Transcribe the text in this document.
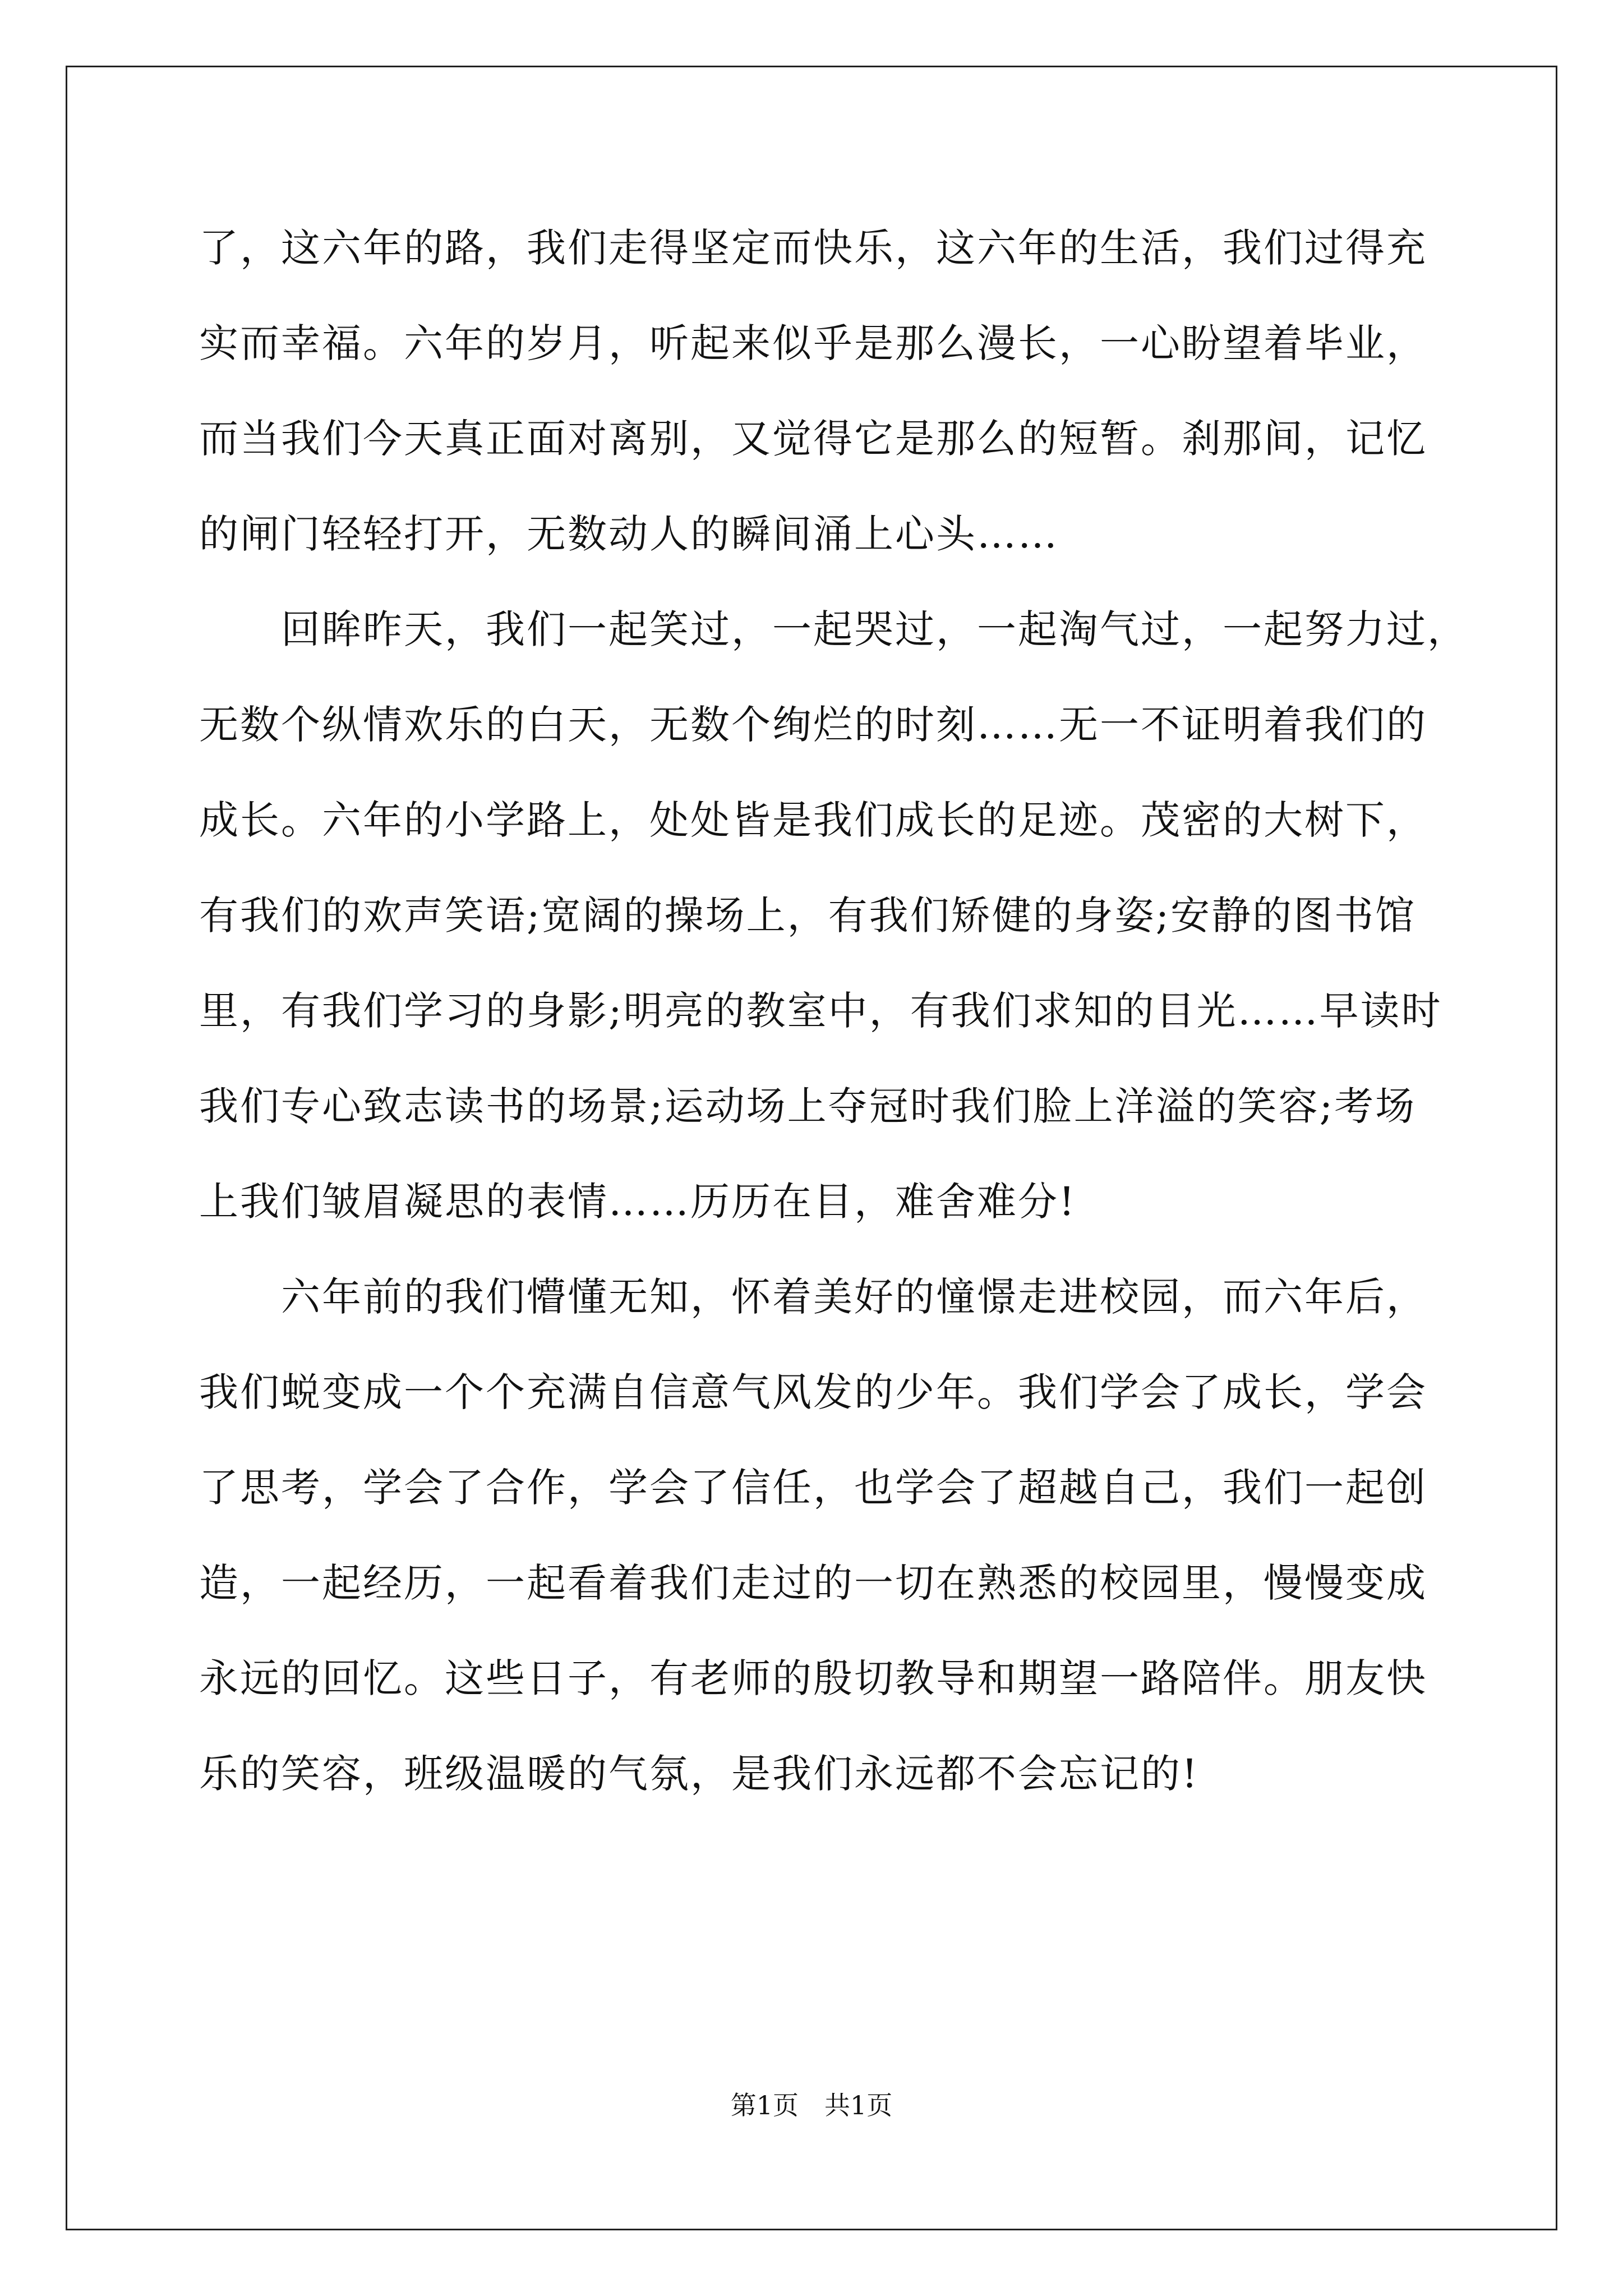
了，这六年的路，我们走得坚定而快乐，这六年的生活，我们过得充
实而幸福。六年的岁月，听起来似乎是那么漫长，一心盼望着毕业，
而当我们今天真正面对离别，又觉得它是那么的短暂。刹那间，记忆
的闸门轻轻打开，无数动人的瞬间涌上心头……
　　回眸昨天，我们一起笑过，一起哭过，一起淘气过，一起努力过，
无数个纵情欢乐的白天，无数个绚烂的时刻……无一不证明着我们的
成长。六年的小学路上，处处皆是我们成长的足迹。茂密的大树下，
有我们的欢声笑语;宽阔的操场上，有我们矫健的身姿;安静的图书馆
里，有我们学习的身影;明亮的教室中，有我们求知的目光……早读时
我们专心致志读书的场景;运动场上夺冠时我们脸上洋溢的笑容;考场
上我们皱眉凝思的表情……历历在目，难舍难分!
　　六年前的我们懵懂无知，怀着美好的憧憬走进校园，而六年后，
我们蜕变成一个个充满自信意气风发的少年。我们学会了成长，学会
了思考，学会了合作，学会了信任，也学会了超越自己，我们一起创
造，一起经历，一起看着我们走过的一切在熟悉的校园里，慢慢变成
永远的回忆。这些日子，有老师的殷切教导和期望一路陪伴。朋友快
乐的笑容，班级温暖的气氛，是我们永远都不会忘记的!
第1页　共1页
